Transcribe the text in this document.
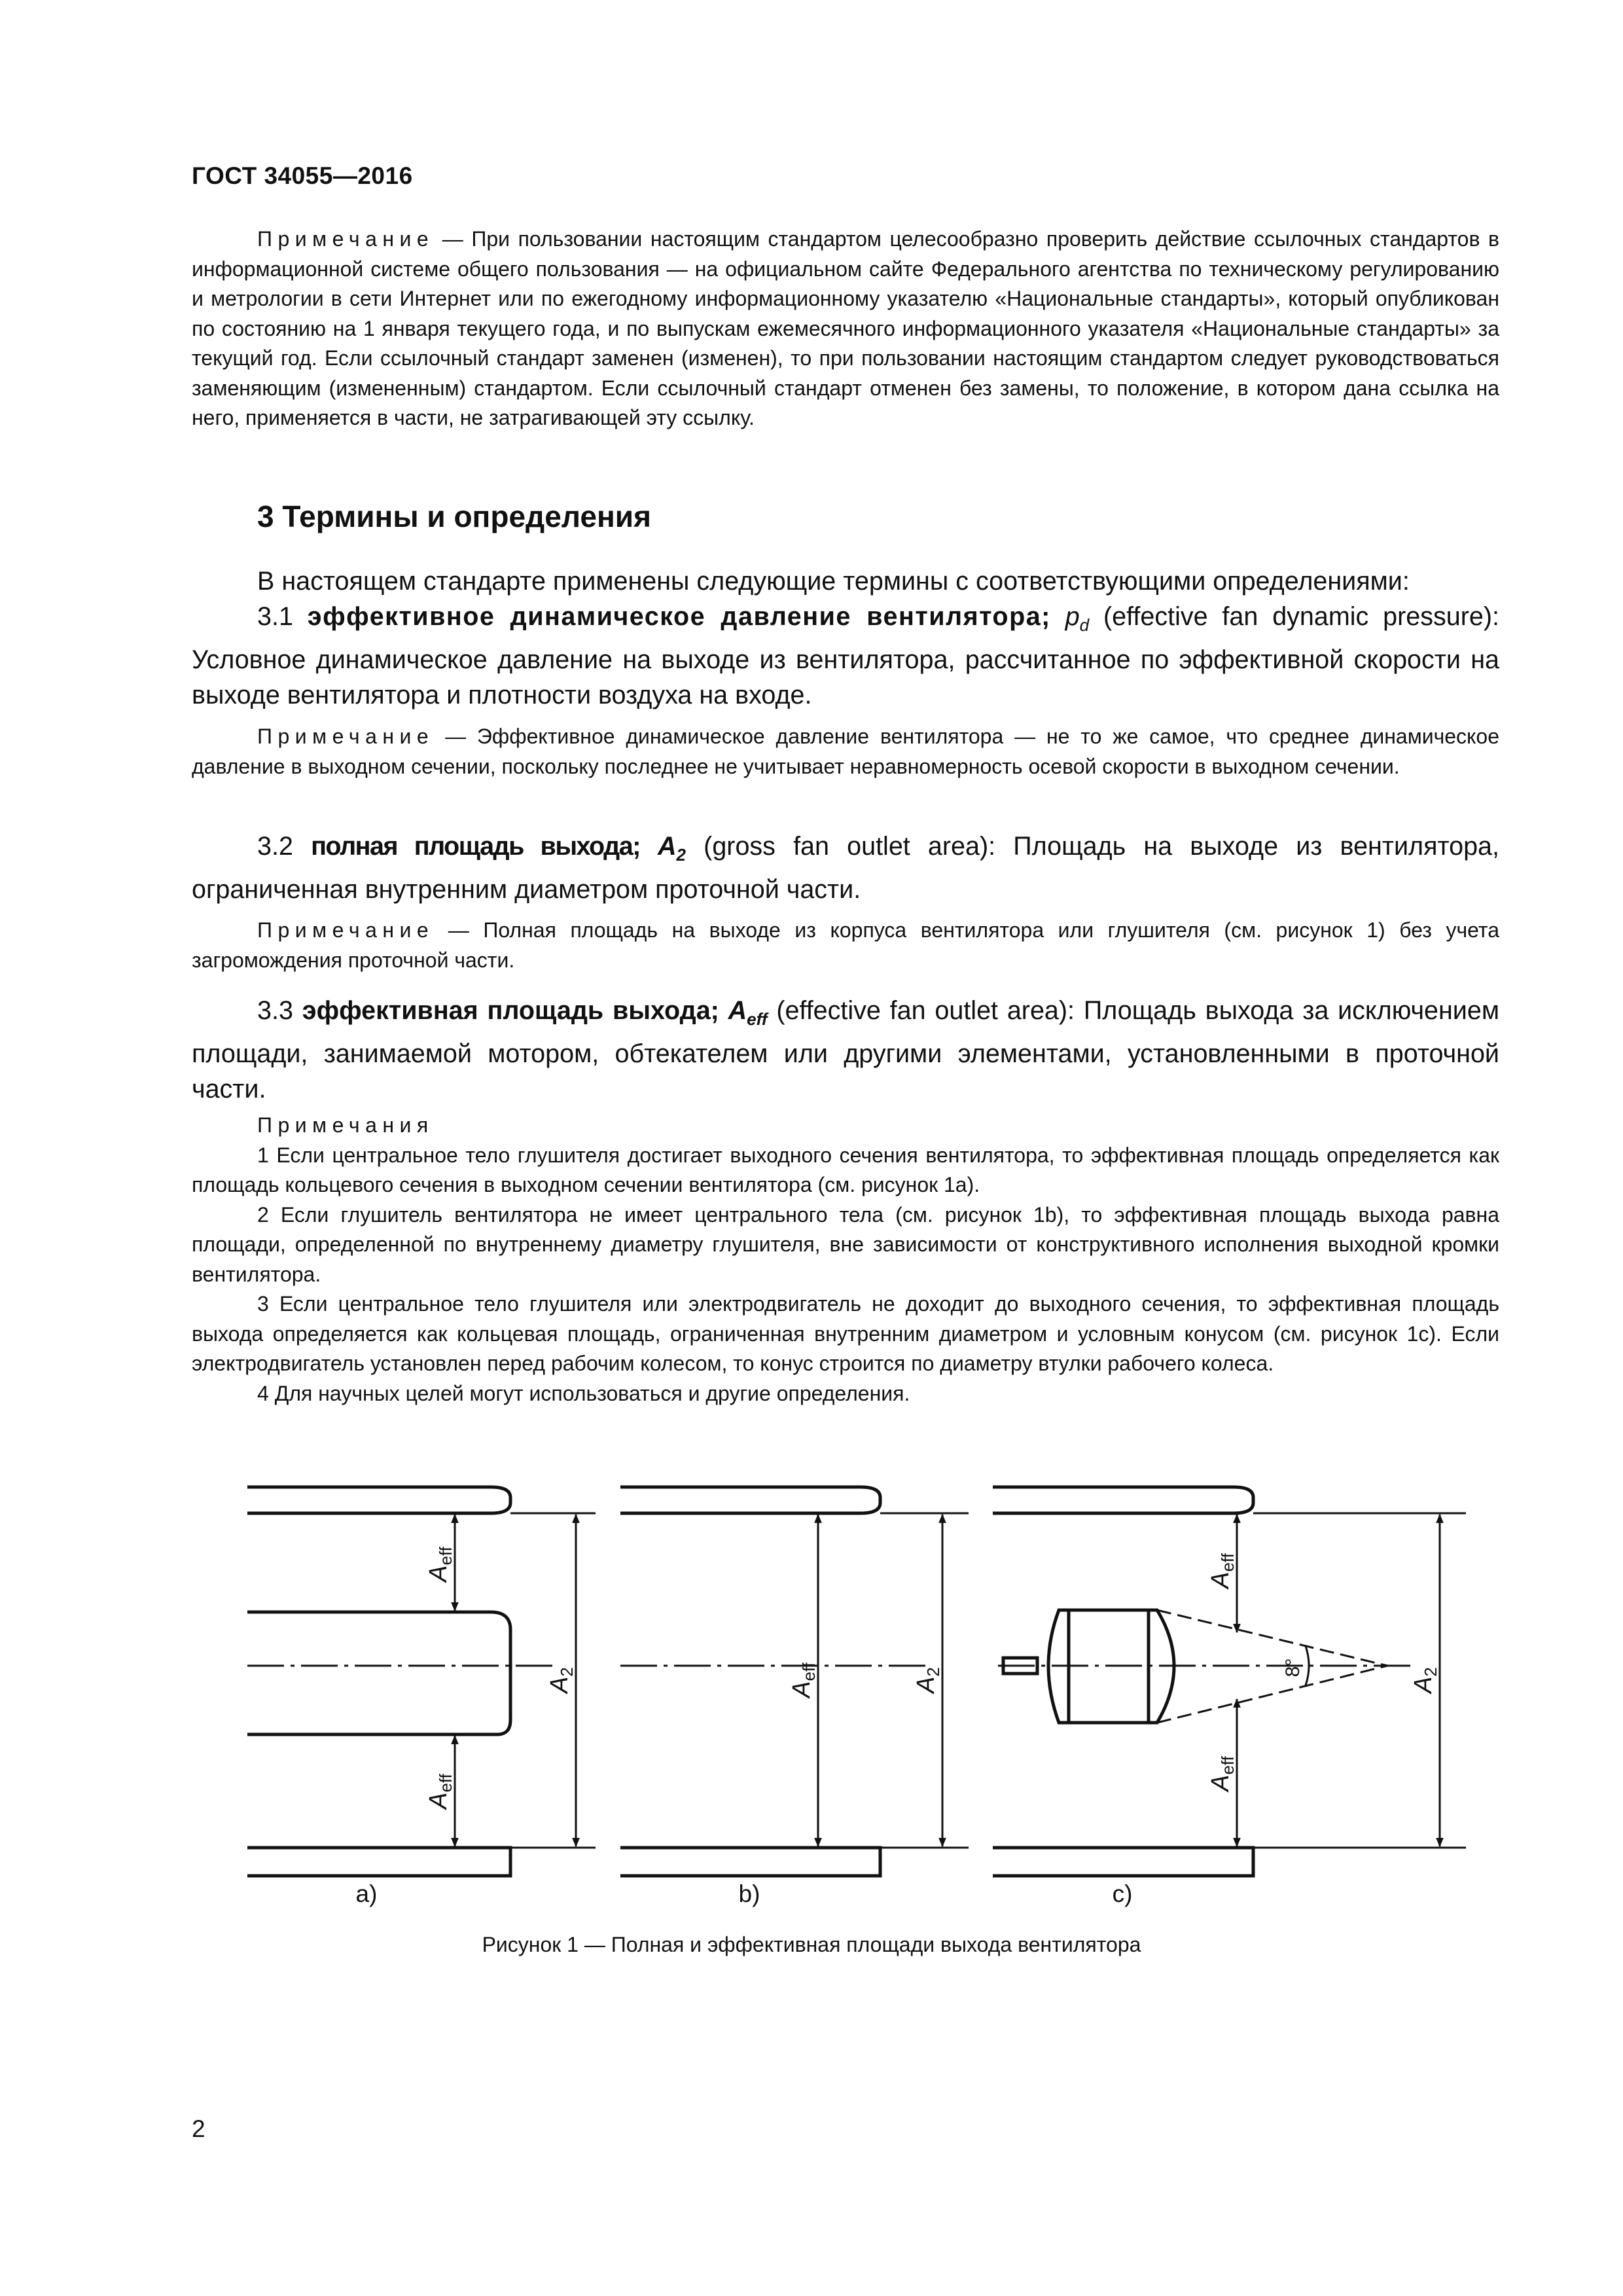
ГОСТ 34055—2016
Примечание — При пользовании настоящим стандартом целесообразно проверить действие ссылочных стандартов в информационной системе общего пользования — на официальном сайте Федерального агентства по техническому регулированию и метрологии в сети Интернет или по ежегодному информационному указателю «Национальные стандарты», который опубликован по состоянию на 1 января текущего года, и по выпускам ежемесячного информационного указателя «Национальные стандарты» за текущий год. Если ссылочный стандарт заменен (изменен), то при пользовании настоящим стандартом следует руководствоваться заменяющим (измененным) стандартом. Если ссылочный стандарт отменен без замены, то положение, в котором дана ссылка на него, применяется в части, не затрагивающей эту ссылку.
3 Термины и определения
В настоящем стандарте применены следующие термины с соответствующими определениями:
3.1 эффективное динамическое давление вентилятора; $p_d$ (effective fan dynamic pressure): Условное динамическое давление на выходе из вентилятора, рассчитанное по эффективной скорости на выходе вентилятора и плотности воздуха на входе.
Примечание — Эффективное динамическое давление вентилятора — не то же самое, что среднее динамическое давление в выходном сечении, поскольку последнее не учитывает неравномерность осевой скорости в выходном сечении.
3.2 полная площадь выхода; $A_2$ (gross fan outlet area): Площадь на выходе из вентилятора, ограниченная внутренним диаметром проточной части.
Примечание — Полная площадь на выходе из корпуса вентилятора или глушителя (см. рисунок 1) без учета загромождения проточной части.
3.3 эффективная площадь выхода; $A_{eff}$ (effective fan outlet area): Площадь выхода за исключением площади, занимаемой мотором, обтекателем или другими элементами, установленными в проточной части.
Примечания
1 Если центральное тело глушителя достигает выходного сечения вентилятора, то эффективная площадь определяется как площадь кольцевого сечения в выходном сечении вентилятора (см. рисунок 1a).
2 Если глушитель вентилятора не имеет центрального тела (см. рисунок 1b), то эффективная площадь выхода равна площади, определенной по внутреннему диаметру глушителя, вне зависимости от конструктивного исполнения выходной кромки вентилятора.
3 Если центральное тело глушителя или электродвигатель не доходит до выходного сечения, то эффективная площадь выхода определяется как кольцевая площадь, ограниченная внутренним диаметром и условным конусом (см. рисунок 1c). Если электродвигатель установлен перед рабочим колесом, то конус строится по диаметру втулки рабочего колеса.
4 Для научных целей могут использоваться и другие определения.
$A_{eff}$
$A_{eff}$
$A_2$
$A_{eff}$
$A_2$
$A_{eff}$
$A_{eff}$
$A_2$
8°
a)	b)	c)
Рисунок 1 — Полная и эффективная площади выхода вентилятора
2
